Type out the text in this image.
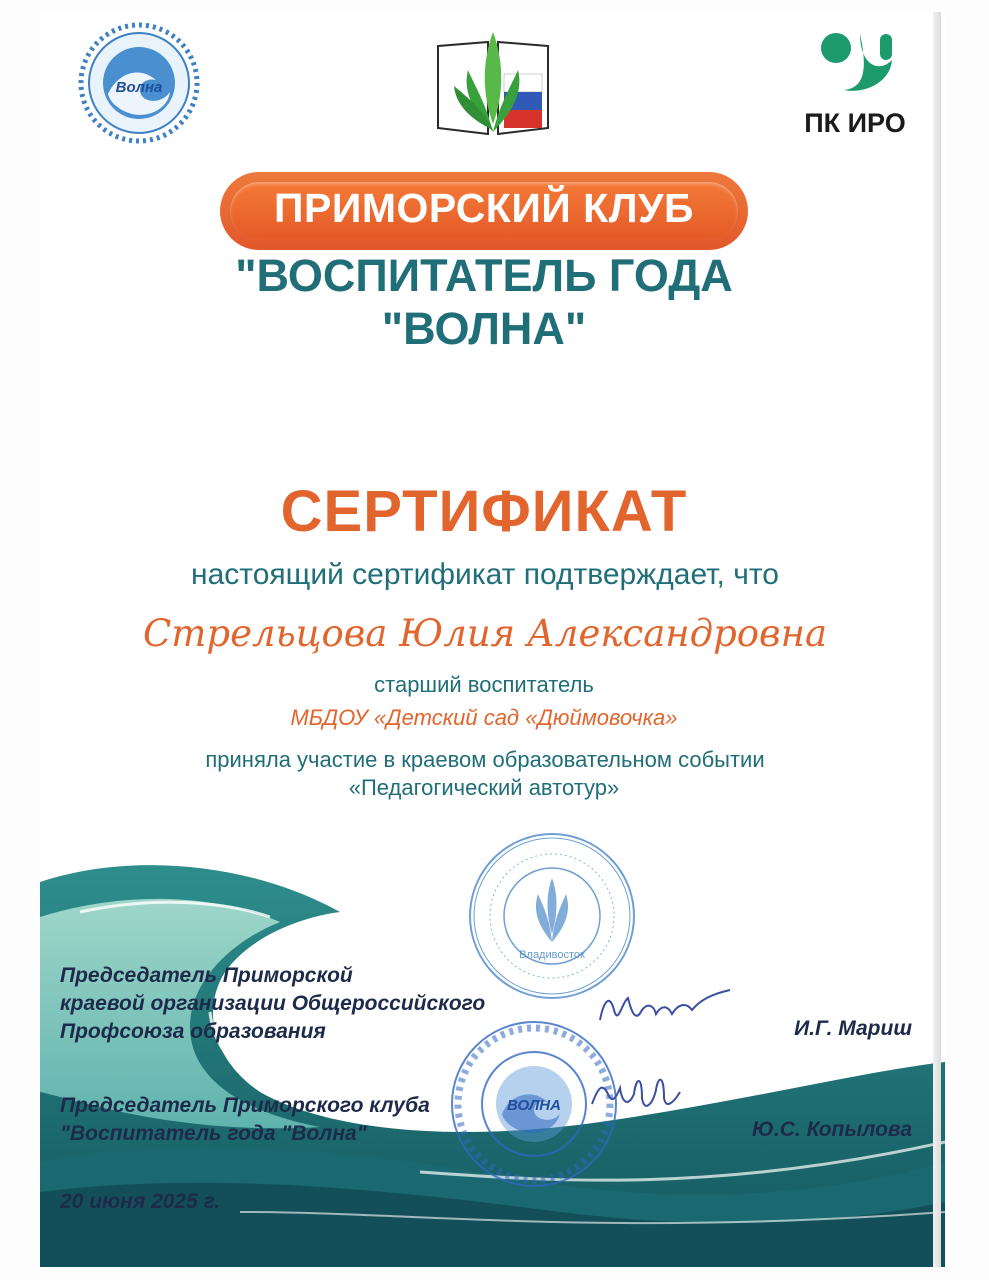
Волна
ПК ИРО
ПРИМОРСКИЙ КЛУБ
"ВОСПИТАТЕЛЬ ГОДА
"ВОЛНА"
СЕРТИФИКАТ
настоящий сертификат подтверждает, что
Стрельцова Юлия Александровна
старший воспитатель
МБДОУ «Детский сад «Дюймовочка»
приняла участие в краевом образовательном событии
«Педагогический автотур»
Владивосток
ВОЛНА
Председатель Приморской
краевой организации Общероссийского
Профсоюза образования	И.Г. Мариш
Председатель Приморского клуба
"Воспитатель года "Волна"	Ю.С. Копылова
20 июня 2025 г.
